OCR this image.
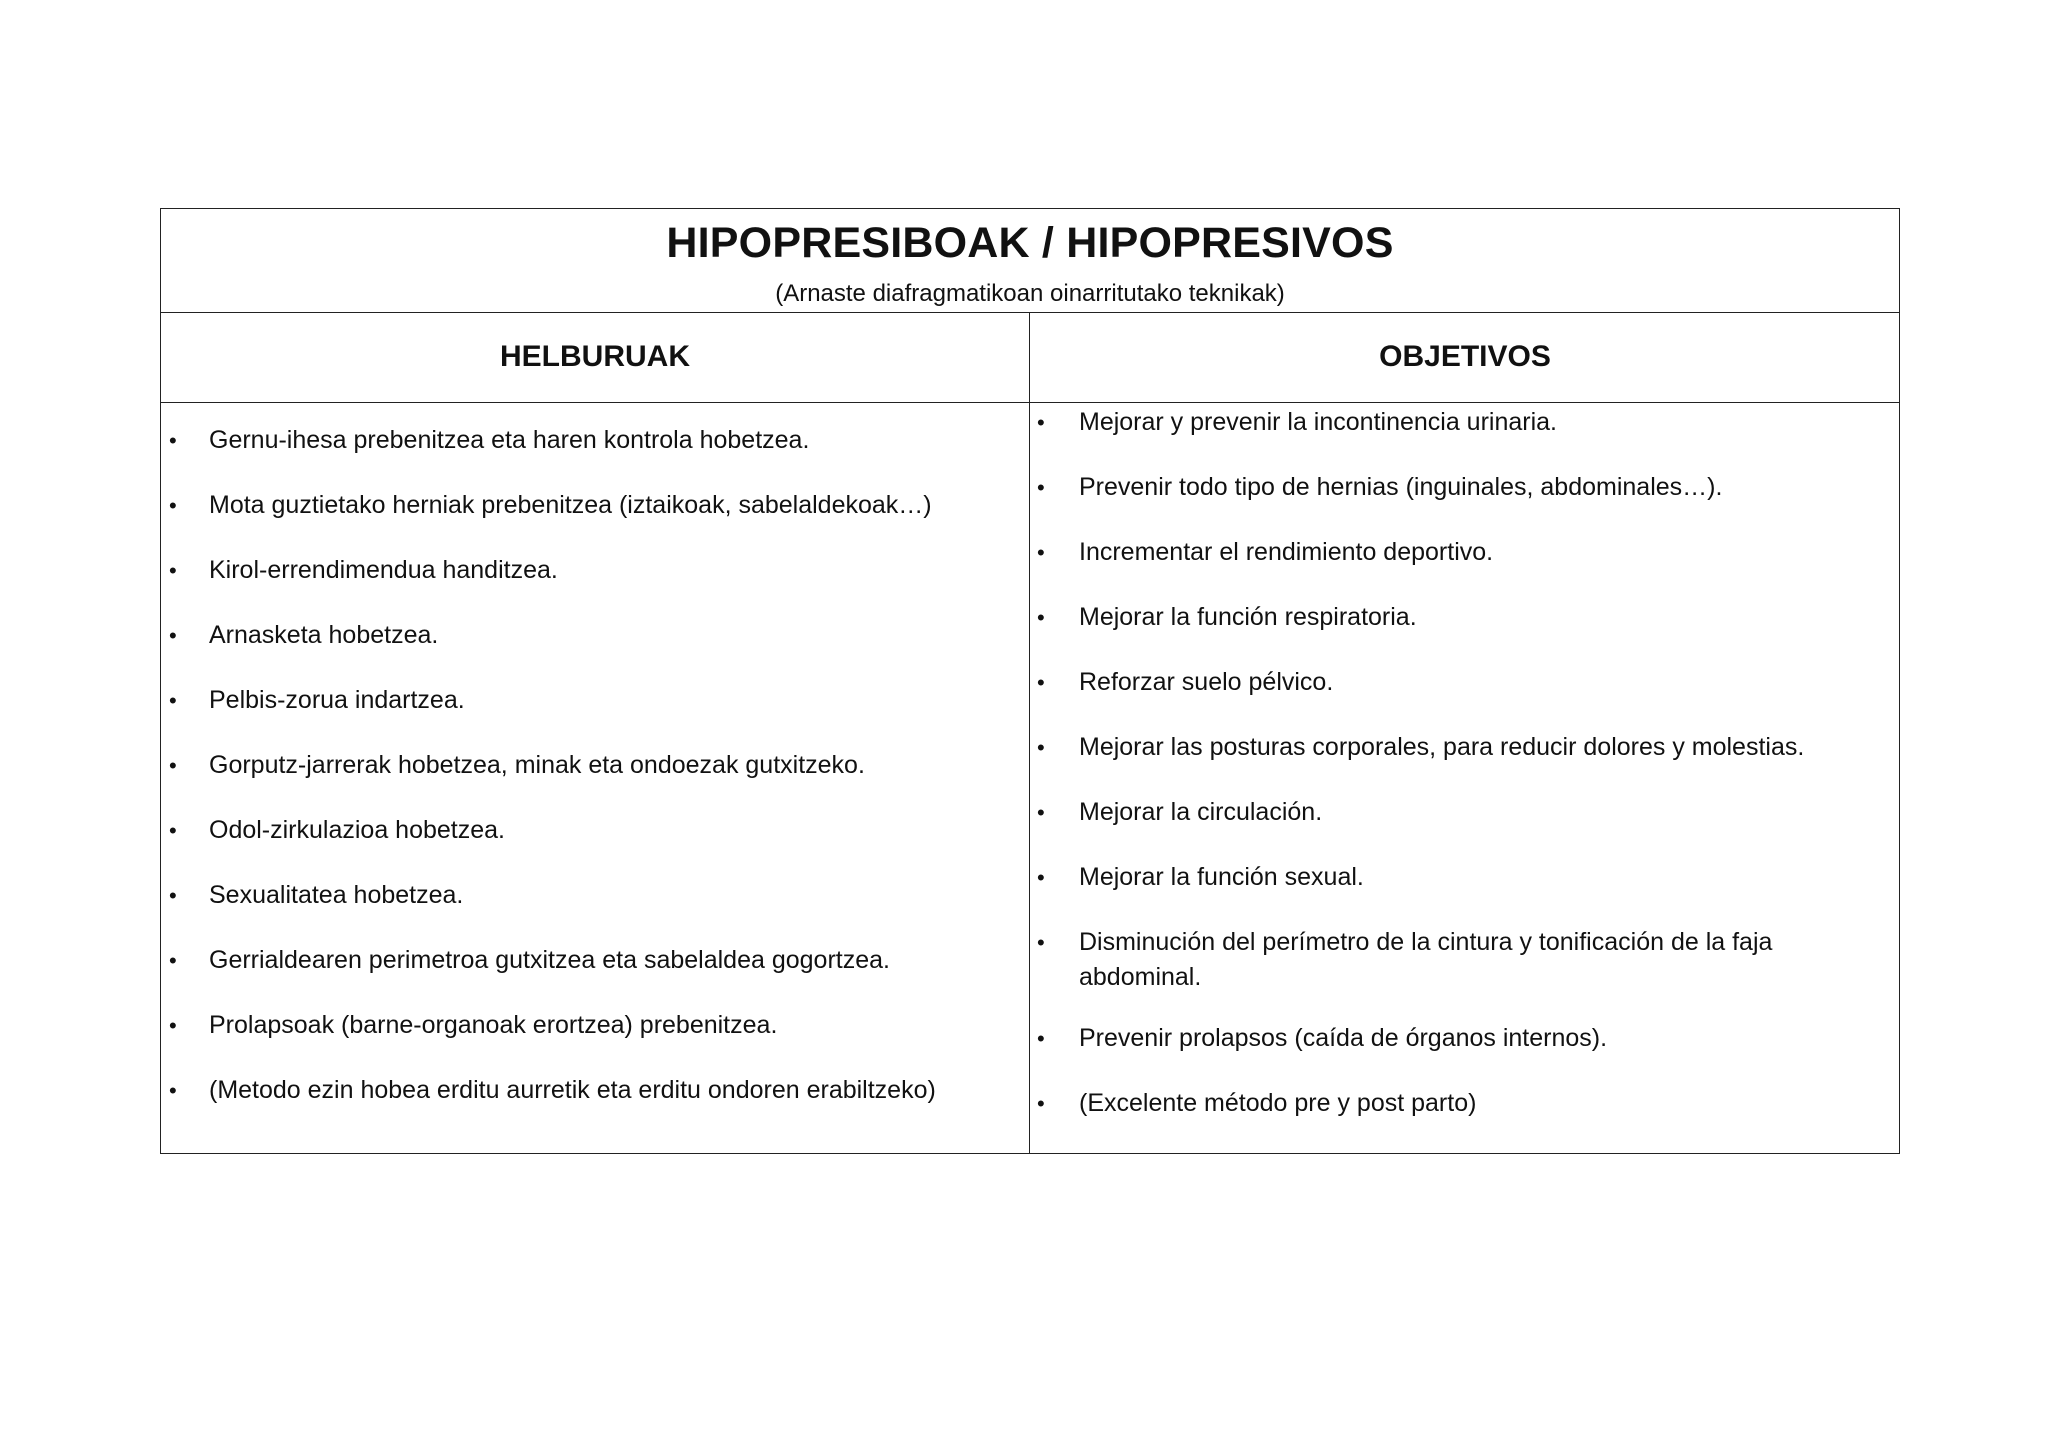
HIPOPRESIBOAK / HIPOPRESIVOS
(Arnaste diafragmatikoan oinarritutako teknikak)
HELBURUAK	OBJETIVOS
• Gernu-ihesa prebenitzea eta haren kontrola hobetzea.
• Mota guztietako herniak prebenitzea (iztaikoak, sabelaldekoak…)
• Kirol-errendimendua handitzea.
• Arnasketa hobetzea.
• Pelbis-zorua indartzea.
• Gorputz-jarrerak hobetzea, minak eta ondoezak gutxitzeko.
• Odol-zirkulazioa hobetzea.
• Sexualitatea hobetzea.
• Gerrialdearen perimetroa gutxitzea eta sabelaldea gogortzea.
• Prolapsoak (barne-organoak erortzea) prebenitzea.
• (Metodo ezin hobea erditu aurretik eta erditu ondoren erabiltzeko)
• Mejorar y prevenir la incontinencia urinaria.
• Prevenir todo tipo de hernias (inguinales, abdominales…).
• Incrementar el rendimiento deportivo.
• Mejorar la función respiratoria.
• Reforzar suelo pélvico.
• Mejorar las posturas corporales, para reducir dolores y molestias.
• Mejorar la circulación.
• Mejorar la función sexual.
• Disminución del perímetro de la cintura y tonificación de la faja abdominal.
• Prevenir prolapsos (caída de órganos internos).
• (Excelente método pre y post parto)
